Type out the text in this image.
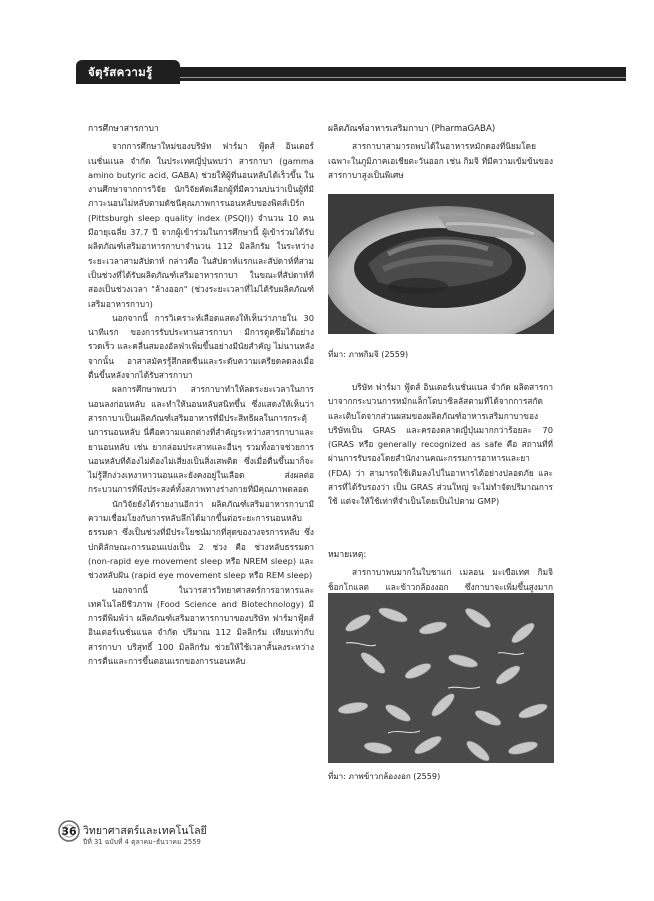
จัตุรัสความรู้

การศึกษาสารกาบา

จากการศึกษาใหม่ของบริษัท ฟาร์มา ฟู้ดส์ อินเตอร์เนชั่นแนล จำกัด ในประเทศญี่ปุ่นพบว่า สารกาบา (gamma amino butyric acid, GABA) ช่วยให้ผู้ที่นอนหลับได้เร็วขึ้น ในงานศึกษาจากการวิจัย นักวิจัยคัดเลือกผู้ที่มีความบ่นว่าเป็นผู้ที่มีภาวะนอนไม่หลับตามดัชนีคุณภาพการนอนหลับของพิตส์เบิร์ก (Pittsburgh sleep quality index (PSQI)) จำนวน 10 คน มีอายุเฉลี่ย 37.7 ปี จากผู้เข้าร่วมในการศึกษานี้ ผู้เข้าร่วมได้รับผลิตภัณฑ์เสริมอาหารกาบาจำนวน 112 มิลลิกรัม ในระหว่างระยะเวลาสามสัปดาห์ กล่าวคือ ในสัปดาห์แรกและสัปดาห์ที่สามเป็นช่วงที่ได้รับผลิตภัณฑ์เสริมอาหารกาบา ในขณะที่สัปดาห์ที่สองเป็นช่วงเวลา "ล้างออก" (ช่วงระยะเวลาที่ไม่ได้รับผลิตภัณฑ์เสริมอาหารกาบา)

นอกจากนี้ การวิเคราะห์เลือดแสดงให้เห็นว่าภายใน 30 นาทีแรก ของการรับประทานสารกาบา มีการดูดซึมได้อย่างรวดเร็ว และคลื่นสมองอัลฟ่าเพิ่มขึ้นอย่างมีนัยสำคัญ ไม่นานหลังจากนั้น อาสาสมัครรู้สึกสดชื่นและระดับความเครียดลดลงเมื่อตื่นขึ้นหลังจากได้รับสารกาบา

ผลการศึกษาพบว่า สารกาบาทำให้ลดระยะเวลาในการนอนลงก่อนหลับ และทำให้นอนหลับสนิทขึ้น ซึ่งแสดงให้เห็นว่าสารกาบาเป็นผลิตภัณฑ์เสริมอาหารที่มีประสิทธิผลในการกระตุ้นการนอนหลับ นี่คือความแตกต่างที่สำคัญระหว่างสารกาบาและยานอนหลับ เช่น ยากล่อมประสาทและอื่นๆ รวมทั้งอาจช่วยการนอนหลับที่ต้องไม่ต้องไม่เสี่ยงเป็นสิ่งเสพติด ซึ่งเมื่อตื่นขึ้นมาก็จะไม่รู้สึกง่วงเหงาหาวนอนและยังคงอยู่ในเลือด ส่งผลต่อกระบวนการที่พึงประสงค์ทั้งสภาพทางร่างกายที่มีคุณภาพตลอด

นักวิจัยยังได้รายงานอีกว่า ผลิตภัณฑ์เสริมอาหารกาบามีความเชื่อมโยงกับการหลับลึกได้มากขึ้นต่อระยะการนอนหลับธรรมดา ซึ่งเป็นช่วงที่มีประโยชน์มากที่สุดของวงจรการหลับ ซึ่งปกติลักษณะการนอนแบ่งเป็น 2 ช่วง คือ ช่วงหลับธรรมดา (non-rapid eye movement sleep หรือ NREM sleep) และช่วงหลับฝัน (rapid eye movement sleep หรือ REM sleep)

นอกจากนี้ ในวารสารวิทยาศาสตร์การอาหารและเทคโนโลยีชีวภาพ (Food Science and Biotechnology) มีการตีพิมพ์ว่า ผลิตภัณฑ์เสริมอาหารกาบาของบริษัท ฟาร์มาฟู้ดส์ อินเตอร์เนชั่นแนล จำกัด ปริมาณ 112 มิลลิกรัม เทียบเท่ากับสารกาบา บริสุทธิ์ 100 มิลลิกรัม ช่วยให้ใช้เวลาสั้นลงระหว่างการตื่นและการขึ้นตอนแรกของการนอนหลับ

ผลิตภัณฑ์อาหารเสริมกาบา (PharmaGABA)

สารกาบาสามารถพบได้ในอาหารหมักดองที่นิยมโดยเฉพาะในภูมิภาคเอเชียตะวันออก เช่น กิมจิ ที่มีความเข้มข้นของสารกาบาสูงเป็นพิเศษ

ที่มา: ภาพกิมจิ (2559)

บริษัท ฟาร์มา ฟู้ดส์ อินเตอร์เนชั่นแนล จำกัด ผลิตสารกาบาจากกระบวนการหมักแล็กโตบาซิลลัสตามที่ได้จากการสกัดและเติบโตจากส่วนผสมของผลิตภัณฑ์อาหารเสริมกาบาของบริษัทเป็น GRAS และครองตลาดญี่ปุ่นมากกว่าร้อยละ 70 (GRAS หรือ generally recognized as safe คือ สถานที่ที่ผ่านการรับรองโดยสำนักงานคณะกรรมการอาหารและยา (FDA) ว่า สามารถใช้เติมลงไปในอาหารได้อย่างปลอดภัย และสารที่ได้รับรองว่า เป็น GRAS ส่วนใหญ่ จะไม่ทำจัดปริมาณการใช้ แต่จะให้ใช้เท่าที่จำเป็นโดยเป็นไปตาม GMP)

หมายเหตุ:

สารกาบาพบมากในใบชาแก่ เมลอน มะเขือเทศ กิมจิ ช็อกโกแลต และข้าวกล้องงอก ซึ่งกาบาจะเพิ่มขึ้นสูงมาก

ที่มา: ภาพข้าวกล้องงอก (2559)
36 วิทยาศาสตร์และเทคโนโลยี
ปีที่ 31 ฉบับที่ 4 ตุลาคม–ธันวาคม 2559
